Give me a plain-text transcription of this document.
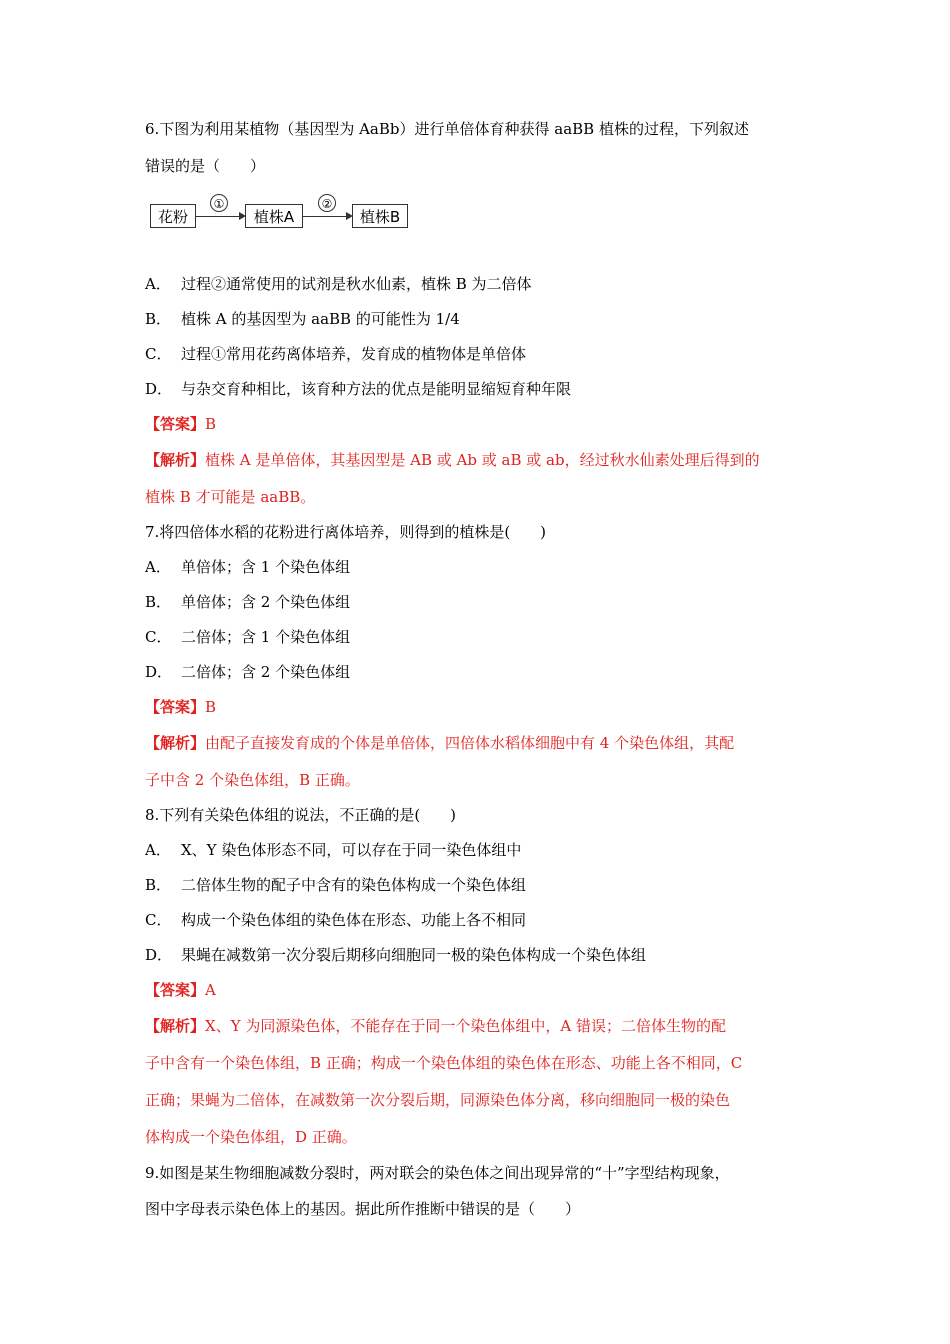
6.下图为利用某植物（基因型为 AaBb）进行单倍体育种获得 aaBB 植株的过程，下列叙述
错误的是（　　）
花粉
①
植株A
②
植株B
A． 过程②通常使用的试剂是秋水仙素，植株 B 为二倍体
B． 植株 A 的基因型为 aaBB 的可能性为 1/4
C． 过程①常用花药离体培养，发育成的植物体是单倍体
D． 与杂交育种相比，该育种方法的优点是能明显缩短育种年限
【答案】B
【解析】植株 A 是单倍体，其基因型是 AB 或 Ab 或 aB 或 ab，经过秋水仙素处理后得到的
植株 B 才可能是 aaBB。
7.将四倍体水稻的花粉进行离体培养，则得到的植株是(　　)
A． 单倍体；含 1 个染色体组
B． 单倍体；含 2 个染色体组
C． 二倍体；含 1 个染色体组
D． 二倍体；含 2 个染色体组
【答案】B
【解析】由配子直接发育成的个体是单倍体，四倍体水稻体细胞中有 4 个染色体组，其配
子中含 2 个染色体组，B 正确。
8.下列有关染色体组的说法，不正确的是(　　)
A． X、Y 染色体形态不同，可以存在于同一染色体组中
B． 二倍体生物的配子中含有的染色体构成一个染色体组
C． 构成一个染色体组的染色体在形态、功能上各不相同
D． 果蝇在减数第一次分裂后期移向细胞同一极的染色体构成一个染色体组
【答案】A
【解析】X、Y 为同源染色体，不能存在于同一个染色体组中，A 错误；二倍体生物的配
子中含有一个染色体组，B 正确；构成一个染色体组的染色体在形态、功能上各不相同，C
正确；果蝇为二倍体，在减数第一次分裂后期，同源染色体分离，移向细胞同一极的染色
体构成一个染色体组，D 正确。
9.如图是某生物细胞减数分裂时，两对联会的染色体之间出现异常的“十”字型结构现象，
图中字母表示染色体上的基因。据此所作推断中错误的是（　　）
